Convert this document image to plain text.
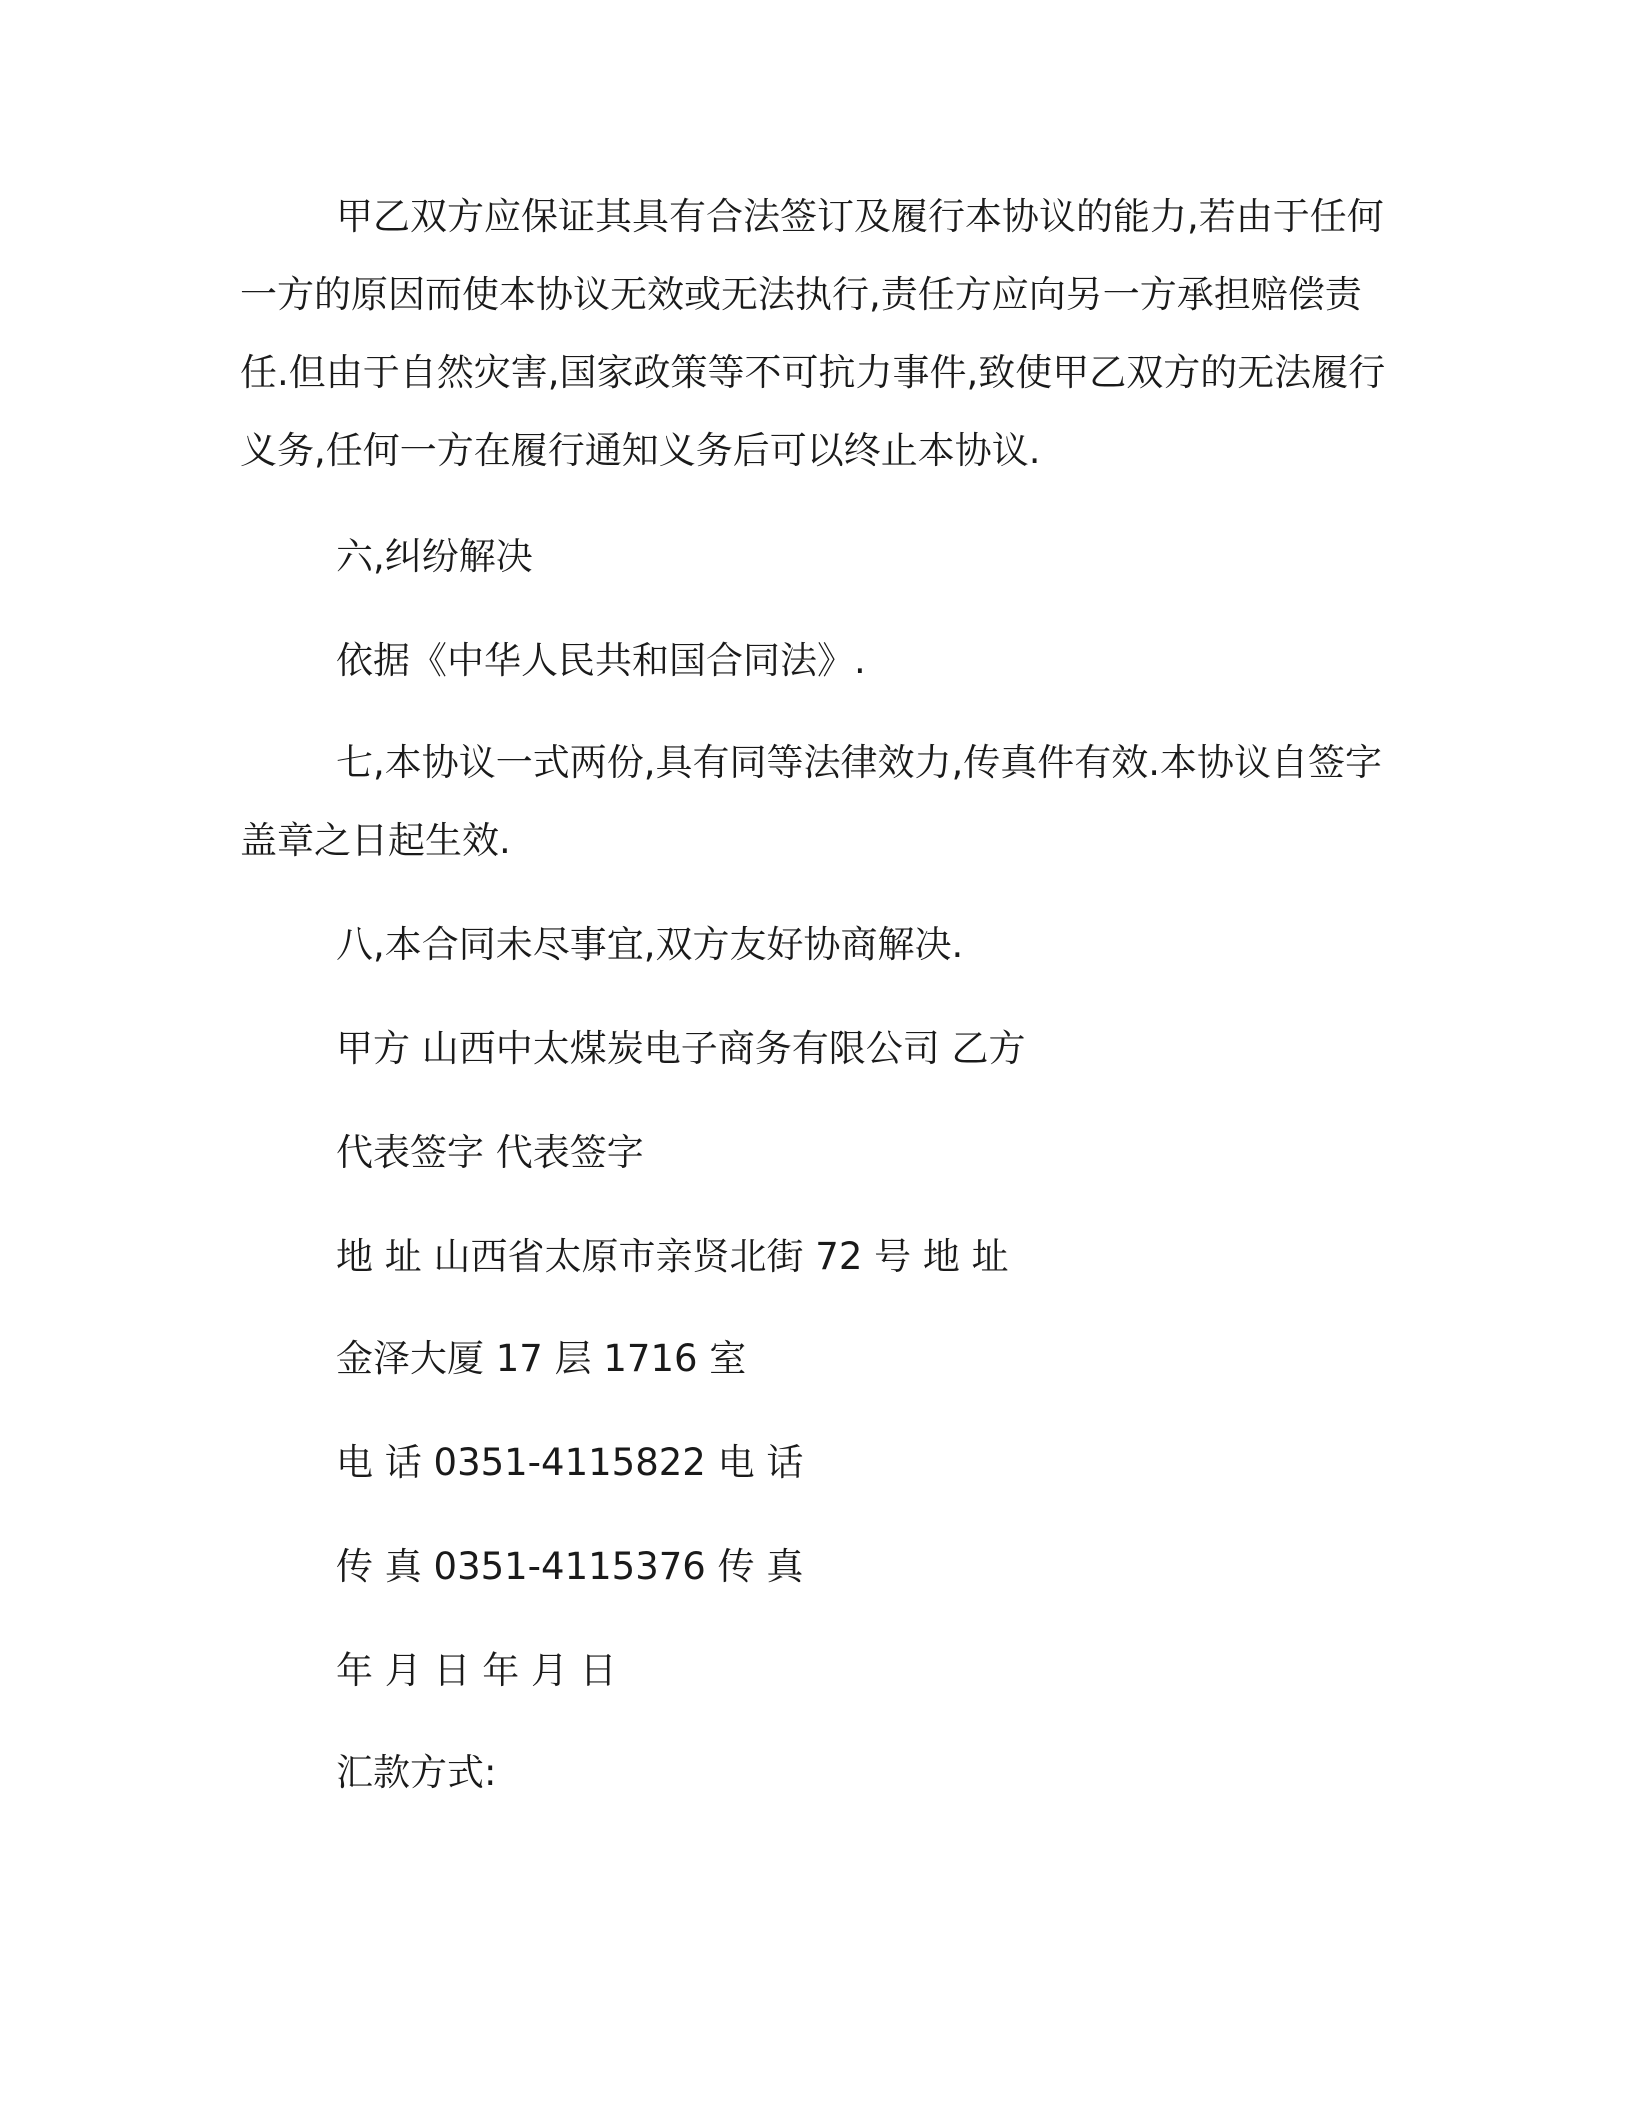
甲乙双方应保证其具有合法签订及履行本协议的能力,若由于任何一方的原因而使本协议无效或无法执行,责任方应向另一方承担赔偿责任.但由于自然灾害,国家政策等不可抗力事件,致使甲乙双方的无法履行义务,任何一方在履行通知义务后可以终止本协议.

六,纠纷解决

依据《中华人民共和国合同法》.

七,本协议一式两份,具有同等法律效力,传真件有效.本协议自签字盖章之日起生效.

八,本合同未尽事宜,双方友好协商解决.

甲方 山西中太煤炭电子商务有限公司 乙方

代表签字 代表签字

地 址 山西省太原市亲贤北街 72 号 地 址

金泽大厦 17 层 1716 室

电 话 0351-4115822 电 话

传 真 0351-4115376 传 真

年 月 日 年 月 日

汇款方式:
